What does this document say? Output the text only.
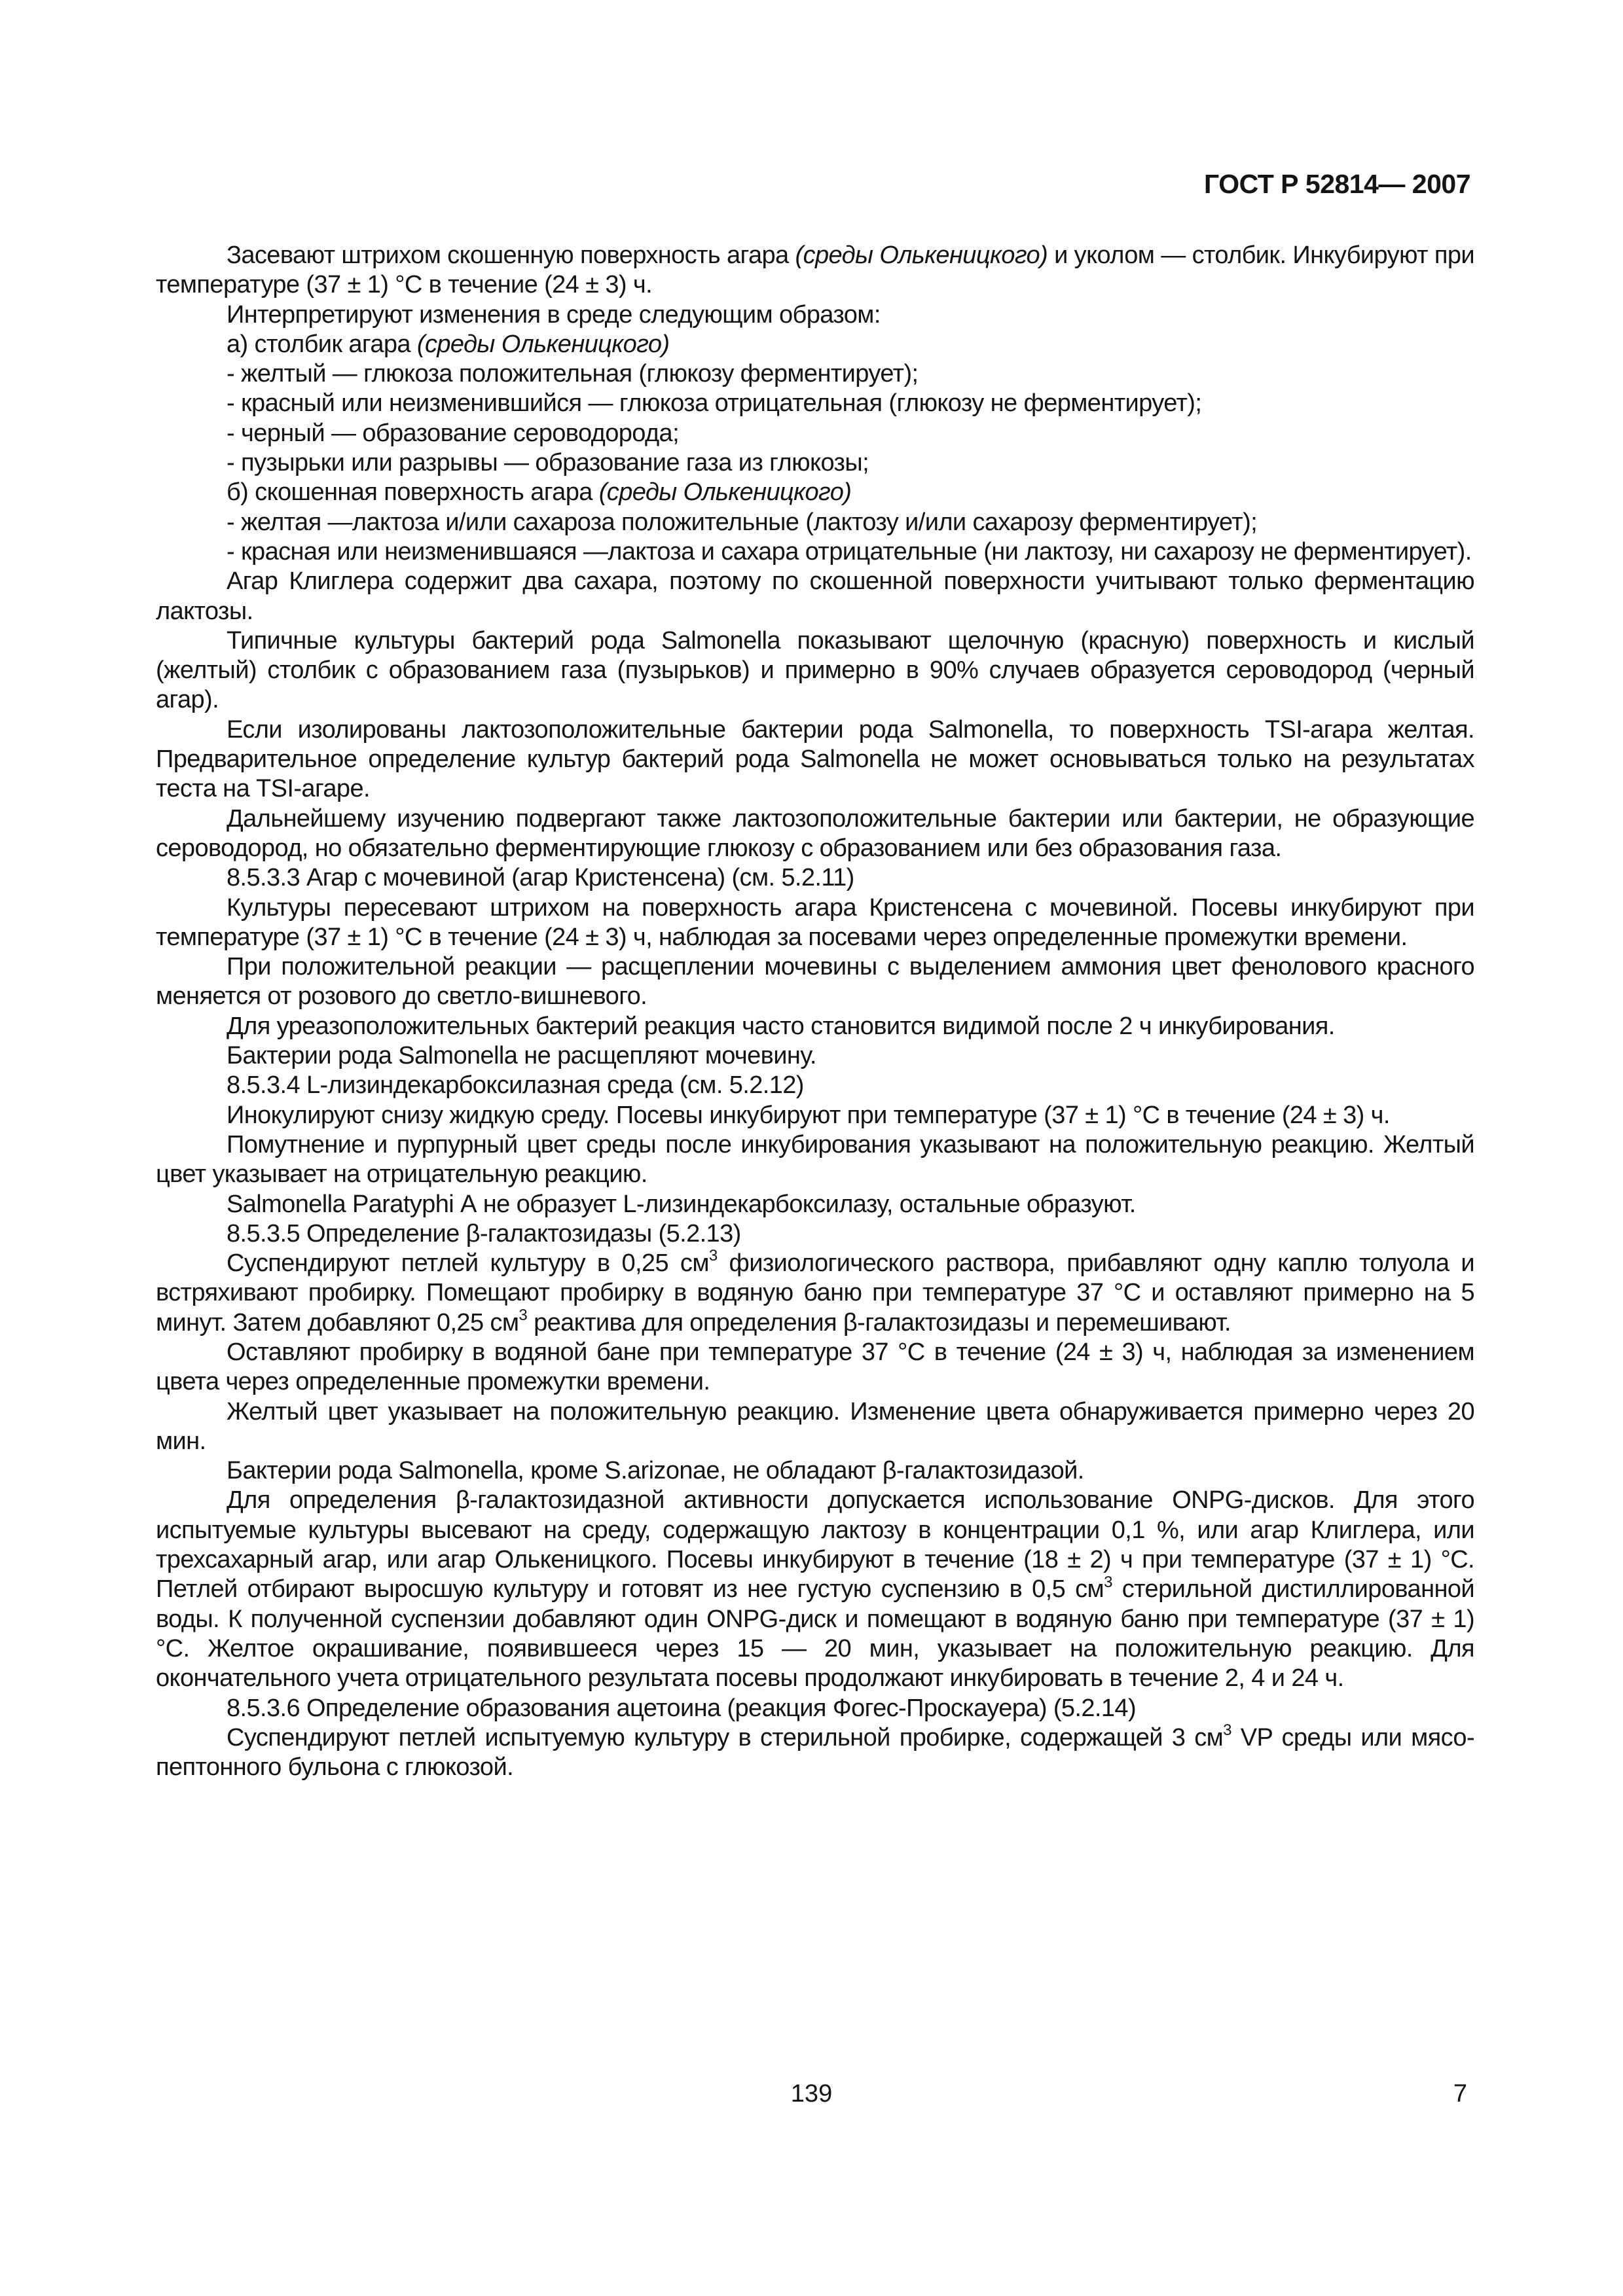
ГОСТ Р 52814— 2007

Засевают штрихом скошенную поверхность агара (среды Олькеницкого) и уколом — столбик. Инкубируют при температуре (37 ± 1) °С в течение (24 ± 3) ч.

Интерпретируют изменения в среде следующим образом:

а) столбик агара (среды Олькеницкого)

- желтый — глюкоза положительная (глюкозу ферментирует);

- красный или неизменившийся — глюкоза отрицательная (глюкозу не ферментирует);

- черный — образование сероводорода;

- пузырьки или разрывы — образование газа из глюкозы;

б) скошенная поверхность агара (среды Олькеницкого)

- желтая —лактоза и/или сахароза положительные (лактозу и/или сахарозу ферментирует);

- красная или неизменившаяся —лактоза и сахара отрицательные (ни лактозу, ни сахарозу не ферментирует).

Агар Клиглера содержит два сахара, поэтому по скошенной поверхности учитывают только ферментацию лактозы.

Типичные культуры бактерий рода Salmonella показывают щелочную (красную) поверхность и кислый (желтый) столбик с образованием газа (пузырьков) и примерно в 90% случаев образуется сероводород (черный агар).

Если изолированы лактозоположительные бактерии рода Salmonella, то поверхность TSI-агара желтая. Предварительное определение культур бактерий рода Salmonella не может основываться только на результатах теста на TSI-агаре.

Дальнейшему изучению подвергают также лактозоположительные бактерии или бактерии, не образующие сероводород, но обязательно ферментирующие глюкозу с образованием или без образования газа.

8.5.3.3 Агар с мочевиной (агар Кристенсена) (см. 5.2.11)

Культуры пересевают штрихом на поверхность агара Кристенсена с мочевиной. Посевы инкубируют при температуре (37 ± 1) °С в течение (24 ± 3) ч, наблюдая за посевами через определенные промежутки времени.

При положительной реакции — расщеплении мочевины с выделением аммония цвет фенолового красного меняется от розового до светло-вишневого.

Для уреазоположительных бактерий реакция часто становится видимой после 2 ч инкубирования.

Бактерии рода Salmonella не расщепляют мочевину.

8.5.3.4 L-лизиндекарбоксилазная среда (см. 5.2.12)

Инокулируют снизу жидкую среду. Посевы инкубируют при температуре (37 ± 1) °С в течение (24 ± 3) ч.

Помутнение и пурпурный цвет среды после инкубирования указывают на положительную реакцию. Желтый цвет указывает на отрицательную реакцию.

Salmonella Paratyphi А не образует L-лизиндекарбоксилазу, остальные образуют.

8.5.3.5 Определение β-галактозидазы (5.2.13)

Суспендируют петлей культуру в 0,25 $см^3$ физиологического раствора, прибавляют одну каплю толуола и встряхивают пробирку. Помещают пробирку в водяную баню при температуре 37 °С и оставляют примерно на 5 минут. Затем добавляют 0,25 $см^3$ реактива для определения β-галактозидазы и перемешивают.

Оставляют пробирку в водяной бане при температуре 37 °С в течение (24 ± 3) ч, наблюдая за изменением цвета через определенные промежутки времени.

Желтый цвет указывает на положительную реакцию. Изменение цвета обнаруживается примерно через 20 мин.

Бактерии рода Salmonella, кроме S.arizonae, не обладают β-галактозидазой.

Для определения β-галактозидазной активности допускается использование ONPG-дисков. Для этого испытуемые культуры высевают на среду, содержащую лактозу в концентрации 0,1 %, или агар Клиглера, или трехсахарный агар, или агар Олькеницкого. Посевы инкубируют в течение (18 ± 2) ч при температуре (37 ± 1) °С. Петлей отбирают выросшую культуру и готовят из нее густую суспензию в 0,5 $см^3$ стерильной дистиллированной воды. К полученной суспензии добавляют один ONPG-диск и помещают в водяную баню при температуре (37 ± 1) °С. Желтое окрашивание, появившееся через 15 — 20 мин, указывает на положительную реакцию. Для окончательного учета отрицательного результата посевы продолжают инкубировать в течение 2, 4 и 24 ч.

8.5.3.6 Определение образования ацетоина (реакция Фогес-Проскауера) (5.2.14)

Суспендируют петлей испытуемую культуру в стерильной пробирке, содержащей 3 $см^3$ VP среды или мясо-пептонного бульона с глюкозой.

139	7
